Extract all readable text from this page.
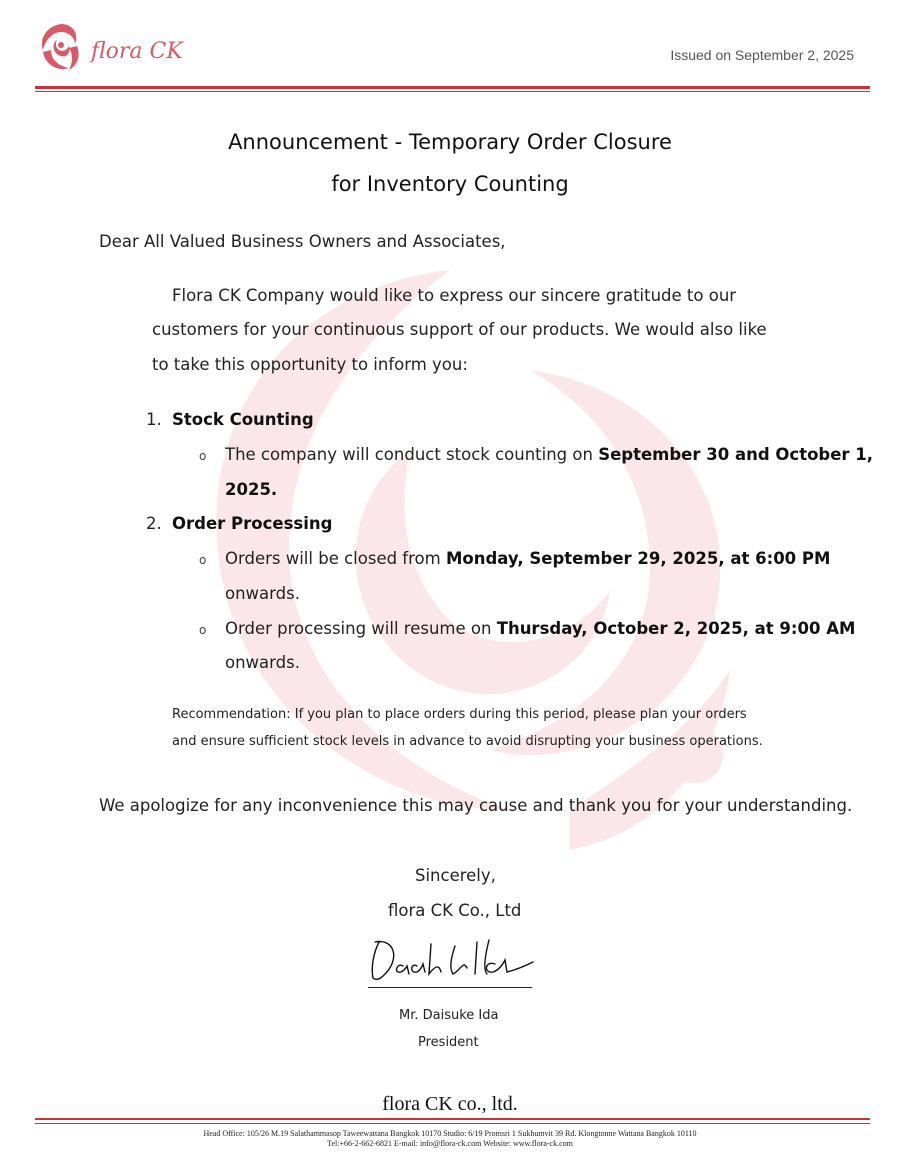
flora CK	Issued on September 2, 2025
Announcement - Temporary Order Closure
for Inventory Counting
Dear All Valued Business Owners and Associates,
Flora CK Company would like to express our sincere gratitude to our
customers for your continuous support of our products. We would also like
to take this opportunity to inform you:
1. Stock Counting
o The company will conduct stock counting on September 30 and October 1,
2025.
2. Order Processing
o Orders will be closed from Monday, September 29, 2025, at 6:00 PM
onwards.
o Order processing will resume on Thursday, October 2, 2025, at 9:00 AM
onwards.
Recommendation: If you plan to place orders during this period, please plan your orders
and ensure sufficient stock levels in advance to avoid disrupting your business operations.
We apologize for any inconvenience this may cause and thank you for your understanding.
Sincerely,
flora CK Co., Ltd
Mr. Daisuke Ida
President
flora CK co., ltd.
Head Office: 105/26 M.19 Salathammasop Taweewattana Bangkok 10170 Studio: 6/19 Promsri 1 Sukhumvit 39 Rd. Klongtonne Wattana Bangkok 10110
Tel:+66-2-662-6821 E-mail: info@flora-ck.com Website: www.flora-ck.com
